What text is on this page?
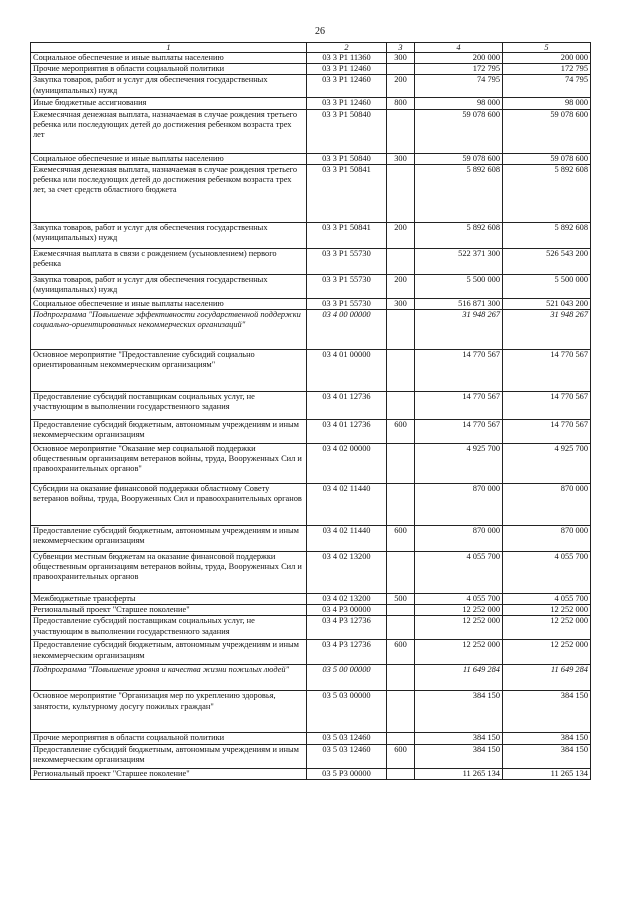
26
1	2	3	4	5
Социальное обеспечение и иные выплаты населению	03 3 P1 11360	300	200 000	200 000
Прочие мероприятия в области социальной политики	03 3 P1 12460		172 795	172 795
Закупка товаров, работ и услуг для обеспечения государственных (муниципальных) нужд	03 3 P1 12460	200	74 795	74 795
Иные бюджетные ассигнования	03 3 P1 12460	800	98 000	98 000
Ежемесячная денежная выплата, назначаемая в случае рождения третьего ребенка или последующих детей до достижения ребенком возраста трех лет	03 3 P1 50840		59 078 600	59 078 600
Социальное обеспечение и иные выплаты населению	03 3 P1 50840	300	59 078 600	59 078 600
Ежемесячная денежная выплата, назначаемая в случае рождения третьего ребенка или последующих детей до достижения ребенком возраста трех лет, за счет средств областного бюджета	03 3 P1 50841		5 892 608	5 892 608
Закупка товаров, работ и услуг для обеспечения государственных (муниципальных) нужд	03 3 P1 50841	200	5 892 608	5 892 608
Ежемесячная выплата в связи с рождением (усыновлением) первого ребенка	03 3 P1 55730		522 371 300	526 543 200
Закупка товаров, работ и услуг для обеспечения государственных (муниципальных) нужд	03 3 P1 55730	200	5 500 000	5 500 000
Социальное обеспечение и иные выплаты населению	03 3 P1 55730	300	516 871 300	521 043 200
Подпрограмма "Повышение эффективности государственной поддержки социально-ориентированных некоммерческих организаций"	03 4 00 00000		31 948 267	31 948 267
Основное мероприятие "Предоставление субсидий социально ориентированным некоммерческим организациям"	03 4 01 00000		14 770 567	14 770 567
Предоставление субсидий поставщикам социальных услуг, не участвующим в выполнении государственного задания	03 4 01 12736		14 770 567	14 770 567
Предоставление субсидий бюджетным, автономным учреждениям и иным некоммерческим организациям	03 4 01 12736	600	14 770 567	14 770 567
Основное мероприятие "Оказание мер социальной поддержки общественным организациям ветеранов войны, труда, Вооруженных Сил и правоохранительных органов"	03 4 02 00000		4 925 700	4 925 700
Субсидии на оказание финансовой поддержки областному Совету ветеранов войны, труда, Вооруженных Сил и правоохранительных органов	03 4 02 11440		870 000	870 000
Предоставление субсидий бюджетным, автономным учреждениям и иным некоммерческим организациям	03 4 02 11440	600	870 000	870 000
Субвенции местным бюджетам на оказание финансовой поддержки общественным организациям ветеранов войны, труда, Вооруженных Сил и правоохранительных органов	03 4 02 13200		4 055 700	4 055 700
Межбюджетные трансферты	03 4 02 13200	500	4 055 700	4 055 700
Региональный проект "Старшее поколение"	03 4 P3 00000		12 252 000	12 252 000
Предоставление субсидий поставщикам социальных услуг, не участвующим в выполнении государственного задания	03 4 P3 12736		12 252 000	12 252 000
Предоставление субсидий бюджетным, автономным учреждениям и иным некоммерческим организациям	03 4 P3 12736	600	12 252 000	12 252 000
Подпрограмма "Повышение уровня и качества жизни пожилых людей"	03 5 00 00000		11 649 284	11 649 284
Основное мероприятие "Организация мер по укреплению здоровья, занятости, культурному досугу пожилых граждан"	03 5 03 00000		384 150	384 150
Прочие мероприятия в области социальной политики	03 5 03 12460		384 150	384 150
Предоставление субсидий бюджетным, автономным учреждениям и иным некоммерческим организациям	03 5 03 12460	600	384 150	384 150
Региональный проект "Старшее поколение"	03 5 P3 00000		11 265 134	11 265 134
